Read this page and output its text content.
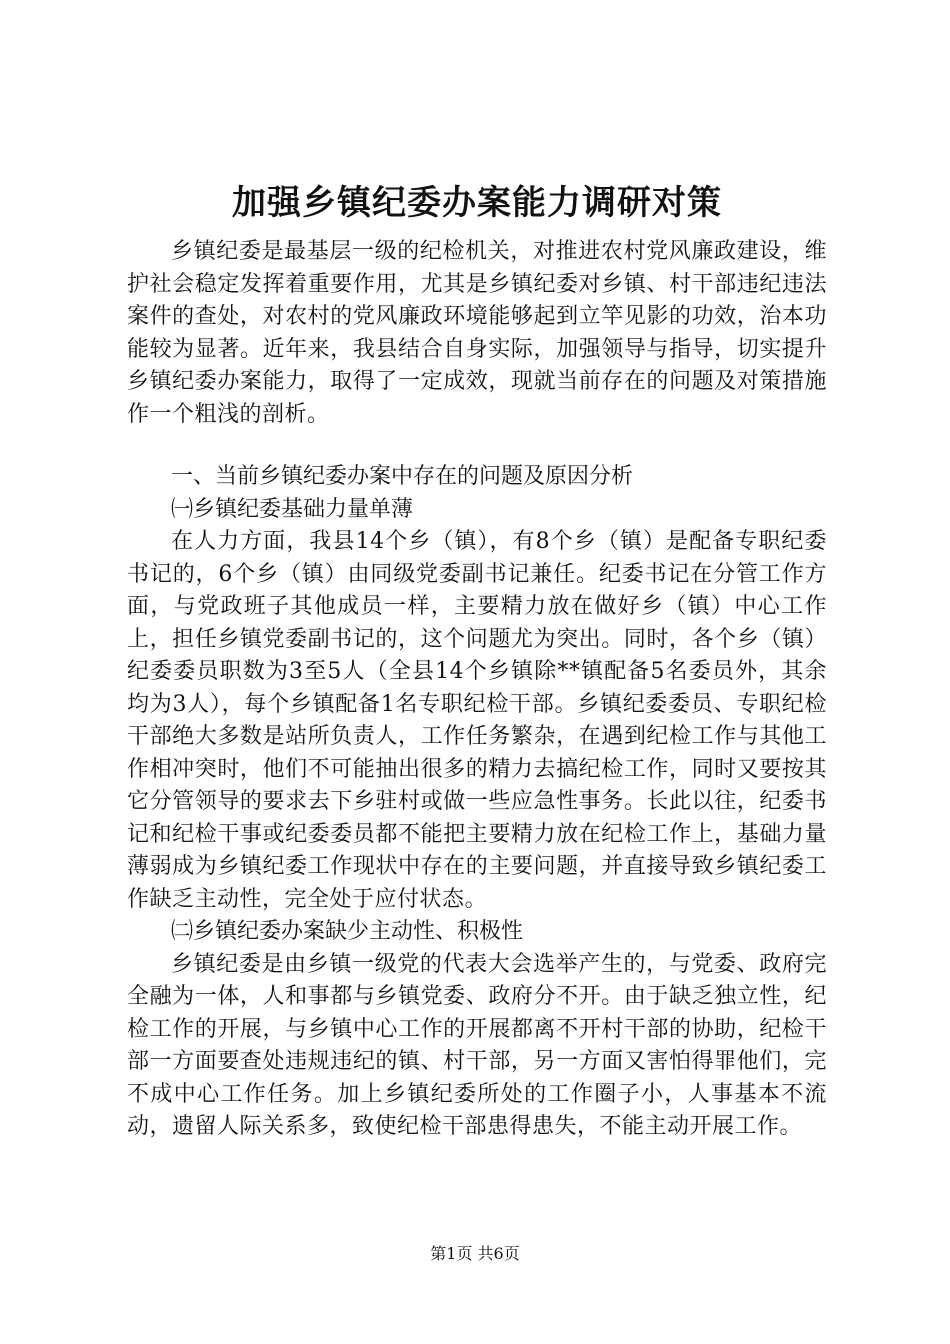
加强乡镇纪委办案能力调研对策

乡镇纪委是最基层一级的纪检机关，对推进农村党风廉政建设，维护社会稳定发挥着重要作用，尤其是乡镇纪委对乡镇、村干部违纪违法案件的查处，对农村的党风廉政环境能够起到立竿见影的功效，治本功能较为显著。近年来，我县结合自身实际，加强领导与指导，切实提升乡镇纪委办案能力，取得了一定成效，现就当前存在的问题及对策措施作一个粗浅的剖析。

一、当前乡镇纪委办案中存在的问题及原因分析

㈠乡镇纪委基础力量单薄

在人力方面，我县14个乡（镇），有8个乡（镇）是配备专职纪委书记的，6个乡（镇）由同级党委副书记兼任。纪委书记在分管工作方面，与党政班子其他成员一样，主要精力放在做好乡（镇）中心工作上，担任乡镇党委副书记的，这个问题尤为突出。同时，各个乡（镇）纪委委员职数为3至5人（全县14个乡镇除**镇配备5名委员外，其余均为3人），每个乡镇配备1名专职纪检干部。乡镇纪委委员、专职纪检干部绝大多数是站所负责人，工作任务繁杂，在遇到纪检工作与其他工作相冲突时，他们不可能抽出很多的精力去搞纪检工作，同时又要按其它分管领导的要求去下乡驻村或做一些应急性事务。长此以往，纪委书记和纪检干事或纪委委员都不能把主要精力放在纪检工作上，基础力量薄弱成为乡镇纪委工作现状中存在的主要问题，并直接导致乡镇纪委工作缺乏主动性，完全处于应付状态。

㈡乡镇纪委办案缺少主动性、积极性

乡镇纪委是由乡镇一级党的代表大会选举产生的，与党委、政府完全融为一体，人和事都与乡镇党委、政府分不开。由于缺乏独立性，纪检工作的开展，与乡镇中心工作的开展都离不开村干部的协助，纪检干部一方面要查处违规违纪的镇、村干部，另一方面又害怕得罪他们，完不成中心工作任务。加上乡镇纪委所处的工作圈子小，人事基本不流动，遗留人际关系多，致使纪检干部患得患失，不能主动开展工作。

第1页 共6页
